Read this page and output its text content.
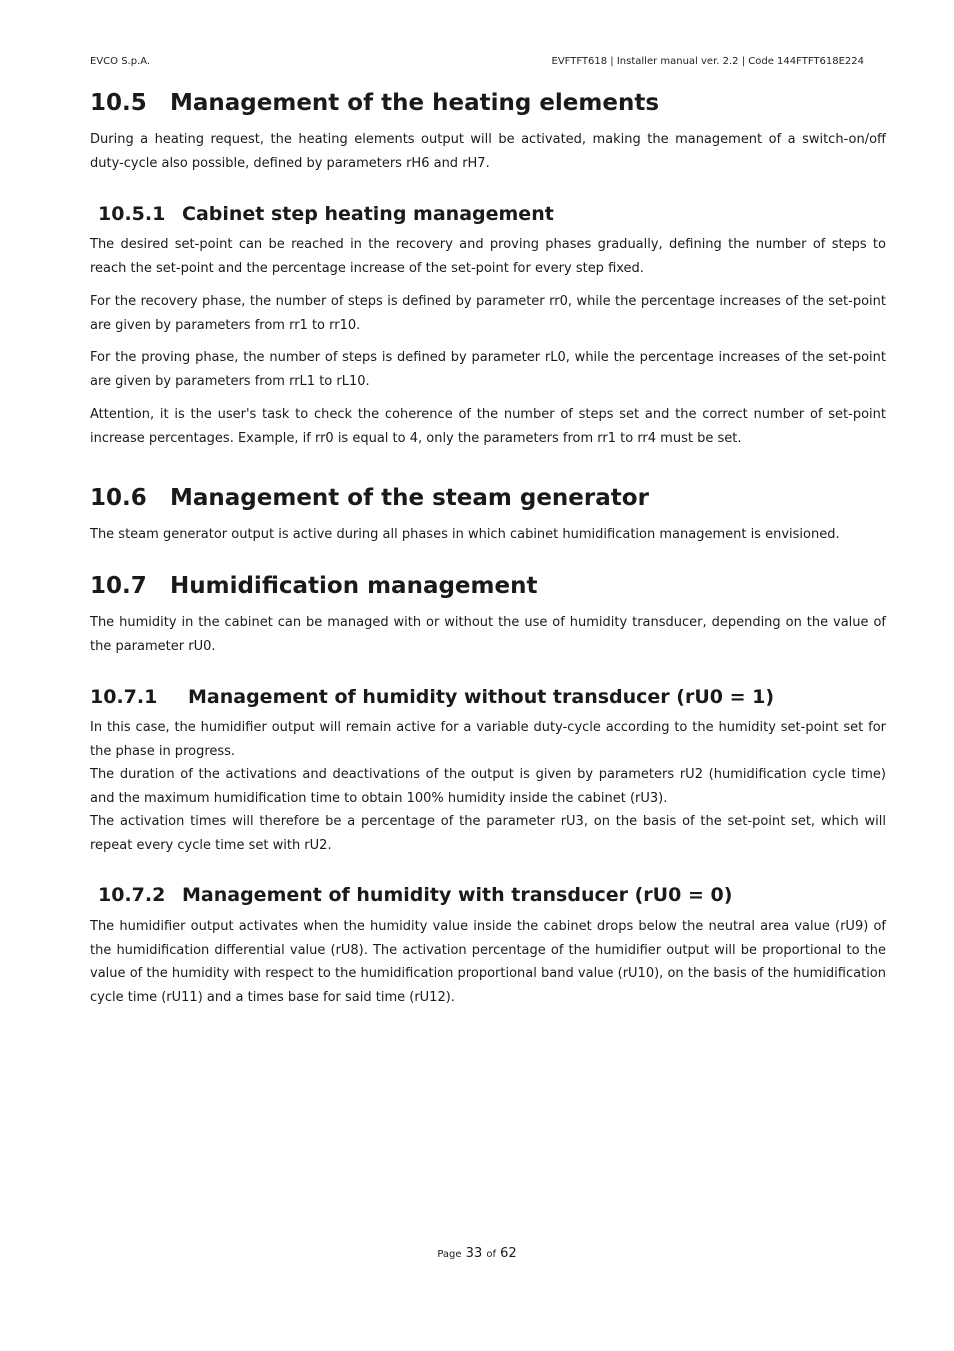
EVCO S.p.A.	EVFTFT618 | Installer manual ver. 2.2 | Code 144FTFT618E224
10.5 Management of the heating elements

During a heating request, the heating elements output will be activated, making the management of a switch-on/off duty-cycle also possible, defined by parameters rH6 and rH7.

10.5.1 Cabinet step heating management

The desired set-point can be reached in the recovery and proving phases gradually, defining the number of steps to reach the set-point and the percentage increase of the set-point for every step fixed.

For the recovery phase, the number of steps is defined by parameter rr0, while the percentage increases of the set-point are given by parameters from rr1 to rr10.

For the proving phase, the number of steps is defined by parameter rL0, while the percentage increases of the set-point are given by parameters from rrL1 to rL10.

Attention, it is the user's task to check the coherence of the number of steps set and the correct number of set-point increase percentages. Example, if rr0 is equal to 4, only the parameters from rr1 to rr4 must be set.

10.6 Management of the steam generator

The steam generator output is active during all phases in which cabinet humidification management is envisioned.

10.7 Humidification management

The humidity in the cabinet can be managed with or without the use of humidity transducer, depending on the value of the parameter rU0.

10.7.1 Management of humidity without transducer (rU0 = 1)

In this case, the humidifier output will remain active for a variable duty-cycle according to the humidity set-point set for the phase in progress.

The duration of the activations and deactivations of the output is given by parameters rU2 (humidification cycle time) and the maximum humidification time to obtain 100% humidity inside the cabinet (rU3).

The activation times will therefore be a percentage of the parameter rU3, on the basis of the set-point set, which will repeat every cycle time set with rU2.

10.7.2 Management of humidity with transducer (rU0 = 0)

The humidifier output activates when the humidity value inside the cabinet drops below the neutral area value (rU9) of the humidification differential value (rU8). The activation percentage of the humidifier output will be proportional to the value of the humidity with respect to the humidification proportional band value (rU10), on the basis of the humidification cycle time (rU11) and a times base for said time (rU12).

Page 33 of 62
